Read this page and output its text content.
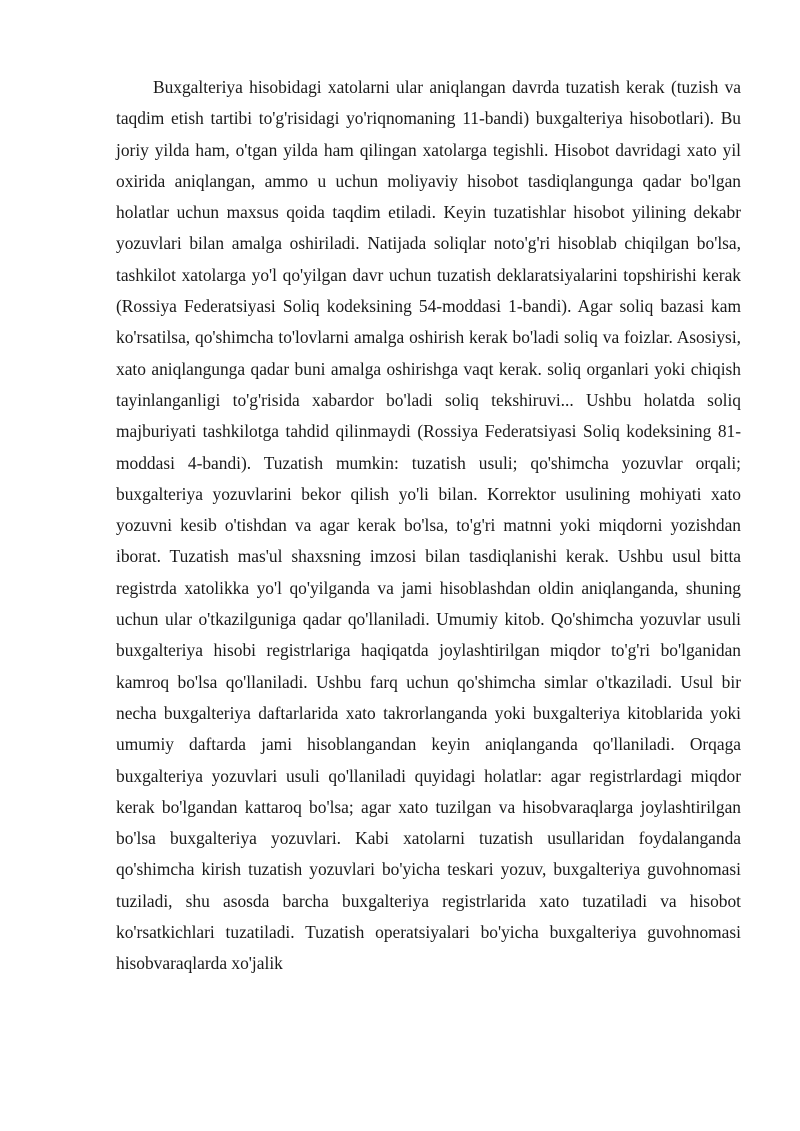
Buxgalteriya hisobidagi xatolarni ular aniqlangan davrda tuzatish kerak (tuzish va taqdim etish tartibi to'g'risidagi yo'riqnomaning 11-bandi) buxgalteriya hisobotlari). Bu joriy yilda ham, o'tgan yilda ham qilingan xatolarga tegishli. Hisobot davridagi xato yil oxirida aniqlangan, ammo u uchun moliyaviy hisobot tasdiqlangunga qadar bo'lgan holatlar uchun maxsus qoida taqdim etiladi. Keyin tuzatishlar hisobot yilining dekabr yozuvlari bilan amalga oshiriladi. Natijada soliqlar noto'g'ri hisoblab chiqilgan bo'lsa, tashkilot xatolarga yo'l qo'yilgan davr uchun tuzatish deklaratsiyalarini topshirishi kerak (Rossiya Federatsiyasi Soliq kodeksining 54-moddasi 1-bandi). Agar soliq bazasi kam ko'rsatilsa, qo'shimcha to'lovlarni amalga oshirish kerak bo'ladi soliq va foizlar. Asosiysi, xato aniqlangunga qadar buni amalga oshirishga vaqt kerak. soliq organlari yoki chiqish tayinlanganligi to'g'risida xabardor bo'ladi soliq tekshiruvi... Ushbu holatda soliq majburiyati tashkilotga tahdid qilinmaydi (Rossiya Federatsiyasi Soliq kodeksining 81-moddasi 4-bandi). Tuzatish mumkin: tuzatish usuli; qo'shimcha yozuvlar orqali; buxgalteriya yozuvlarini bekor qilish yo'li bilan. Korrektor usulining mohiyati xato yozuvni kesib o'tishdan va agar kerak bo'lsa, to'g'ri matnni yoki miqdorni yozishdan iborat. Tuzatish mas'ul shaxsning imzosi bilan tasdiqlanishi kerak. Ushbu usul bitta registrda xatolikka yo'l qo'yilganda va jami hisoblashdan oldin aniqlanganda, shuning uchun ular o'tkazilguniga qadar qo'llaniladi. Umumiy kitob. Qo'shimcha yozuvlar usuli buxgalteriya hisobi registrlariga haqiqatda joylashtirilgan miqdor to'g'ri bo'lganidan kamroq bo'lsa qo'llaniladi. Ushbu farq uchun qo'shimcha simlar o'tkaziladi. Usul bir necha buxgalteriya daftarlarida xato takrorlanganda yoki buxgalteriya kitoblarida yoki umumiy daftarda jami hisoblangandan keyin aniqlanganda qo'llaniladi. Orqaga buxgalteriya yozuvlari usuli qo'llaniladi quyidagi holatlar: agar registrlardagi miqdor kerak bo'lgandan kattaroq bo'lsa; agar xato tuzilgan va hisobvaraqlarga joylashtirilgan bo'lsa buxgalteriya yozuvlari. Kabi xatolarni tuzatish usullaridan foydalanganda qo'shimcha kirish tuzatish yozuvlari bo'yicha teskari yozuv, buxgalteriya guvohnomasi tuziladi, shu asosda barcha buxgalteriya registrlarida xato tuzatiladi va hisobot ko'rsatkichlari tuzatiladi. Tuzatish operatsiyalari bo'yicha buxgalteriya guvohnomasi hisobvaraqlarda xo'jalik
